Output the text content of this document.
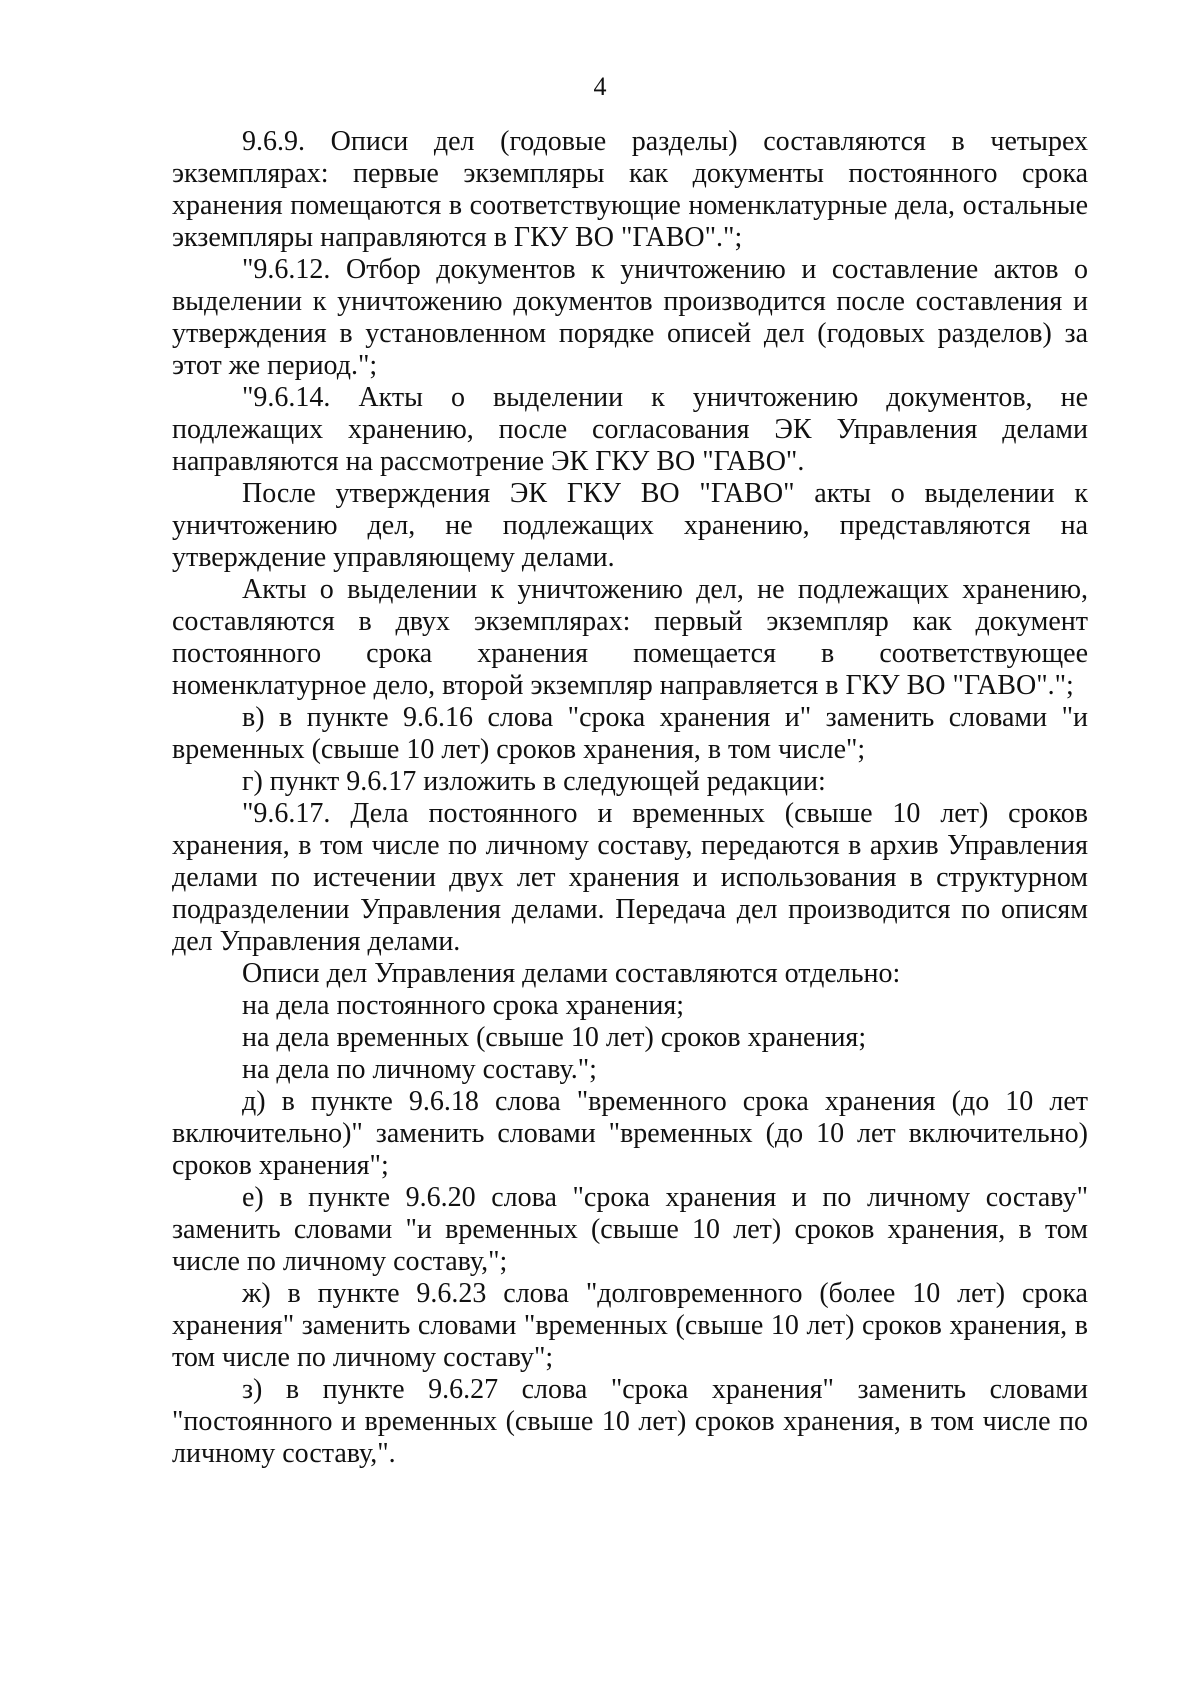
4

9.6.9. Описи дел (годовые разделы) составляются в четырех экземплярах: первые экземпляры как документы постоянного срока хранения помещаются в соответствующие номенклатурные дела, остальные экземпляры направляются в ГКУ ВО "ГАВО".";

"9.6.12. Отбор документов к уничтожению и составление актов о выделении к уничтожению документов производится после составления и утверждения в установленном порядке описей дел (годовых разделов) за этот же период.";

"9.6.14. Акты о выделении к уничтожению документов, не подлежащих хранению, после согласования ЭК Управления делами направляются на рассмотрение ЭК ГКУ ВО "ГАВО".

После утверждения ЭК ГКУ ВО "ГАВО" акты о выделении к уничтожению дел, не подлежащих хранению, представляются на утверждение управляющему делами.

Акты о выделении к уничтожению дел, не подлежащих хранению, составляются в двух экземплярах: первый экземпляр как документ постоянного срока хранения помещается в соответствующее номенклатурное дело, второй экземпляр направляется в ГКУ ВО "ГАВО".";

в) в пункте 9.6.16 слова "срока хранения и" заменить словами "и временных (свыше 10 лет) сроков хранения, в том числе";

г) пункт 9.6.17 изложить в следующей редакции:

"9.6.17. Дела постоянного и временных (свыше 10 лет) сроков хранения, в том числе по личному составу, передаются в архив Управления делами по истечении двух лет хранения и использования в структурном подразделении Управления делами. Передача дел производится по описям дел Управления делами.

Описи дел Управления делами составляются отдельно:

на дела постоянного срока хранения;

на дела временных (свыше 10 лет) сроков хранения;

на дела по личному составу.";

д) в пункте 9.6.18 слова "временного срока хранения (до 10 лет включительно)" заменить словами "временных (до 10 лет включительно) сроков хранения";

е) в пункте 9.6.20 слова "срока хранения и по личному составу" заменить словами "и временных (свыше 10 лет) сроков хранения, в том числе по личному составу,";

ж) в пункте 9.6.23 слова "долговременного (более 10 лет) срока хранения" заменить словами "временных (свыше 10 лет) сроков хранения, в том числе по личному составу";

з) в пункте 9.6.27 слова "срока хранения" заменить словами "постоянного и временных (свыше 10 лет) сроков хранения, в том числе по личному составу,".
